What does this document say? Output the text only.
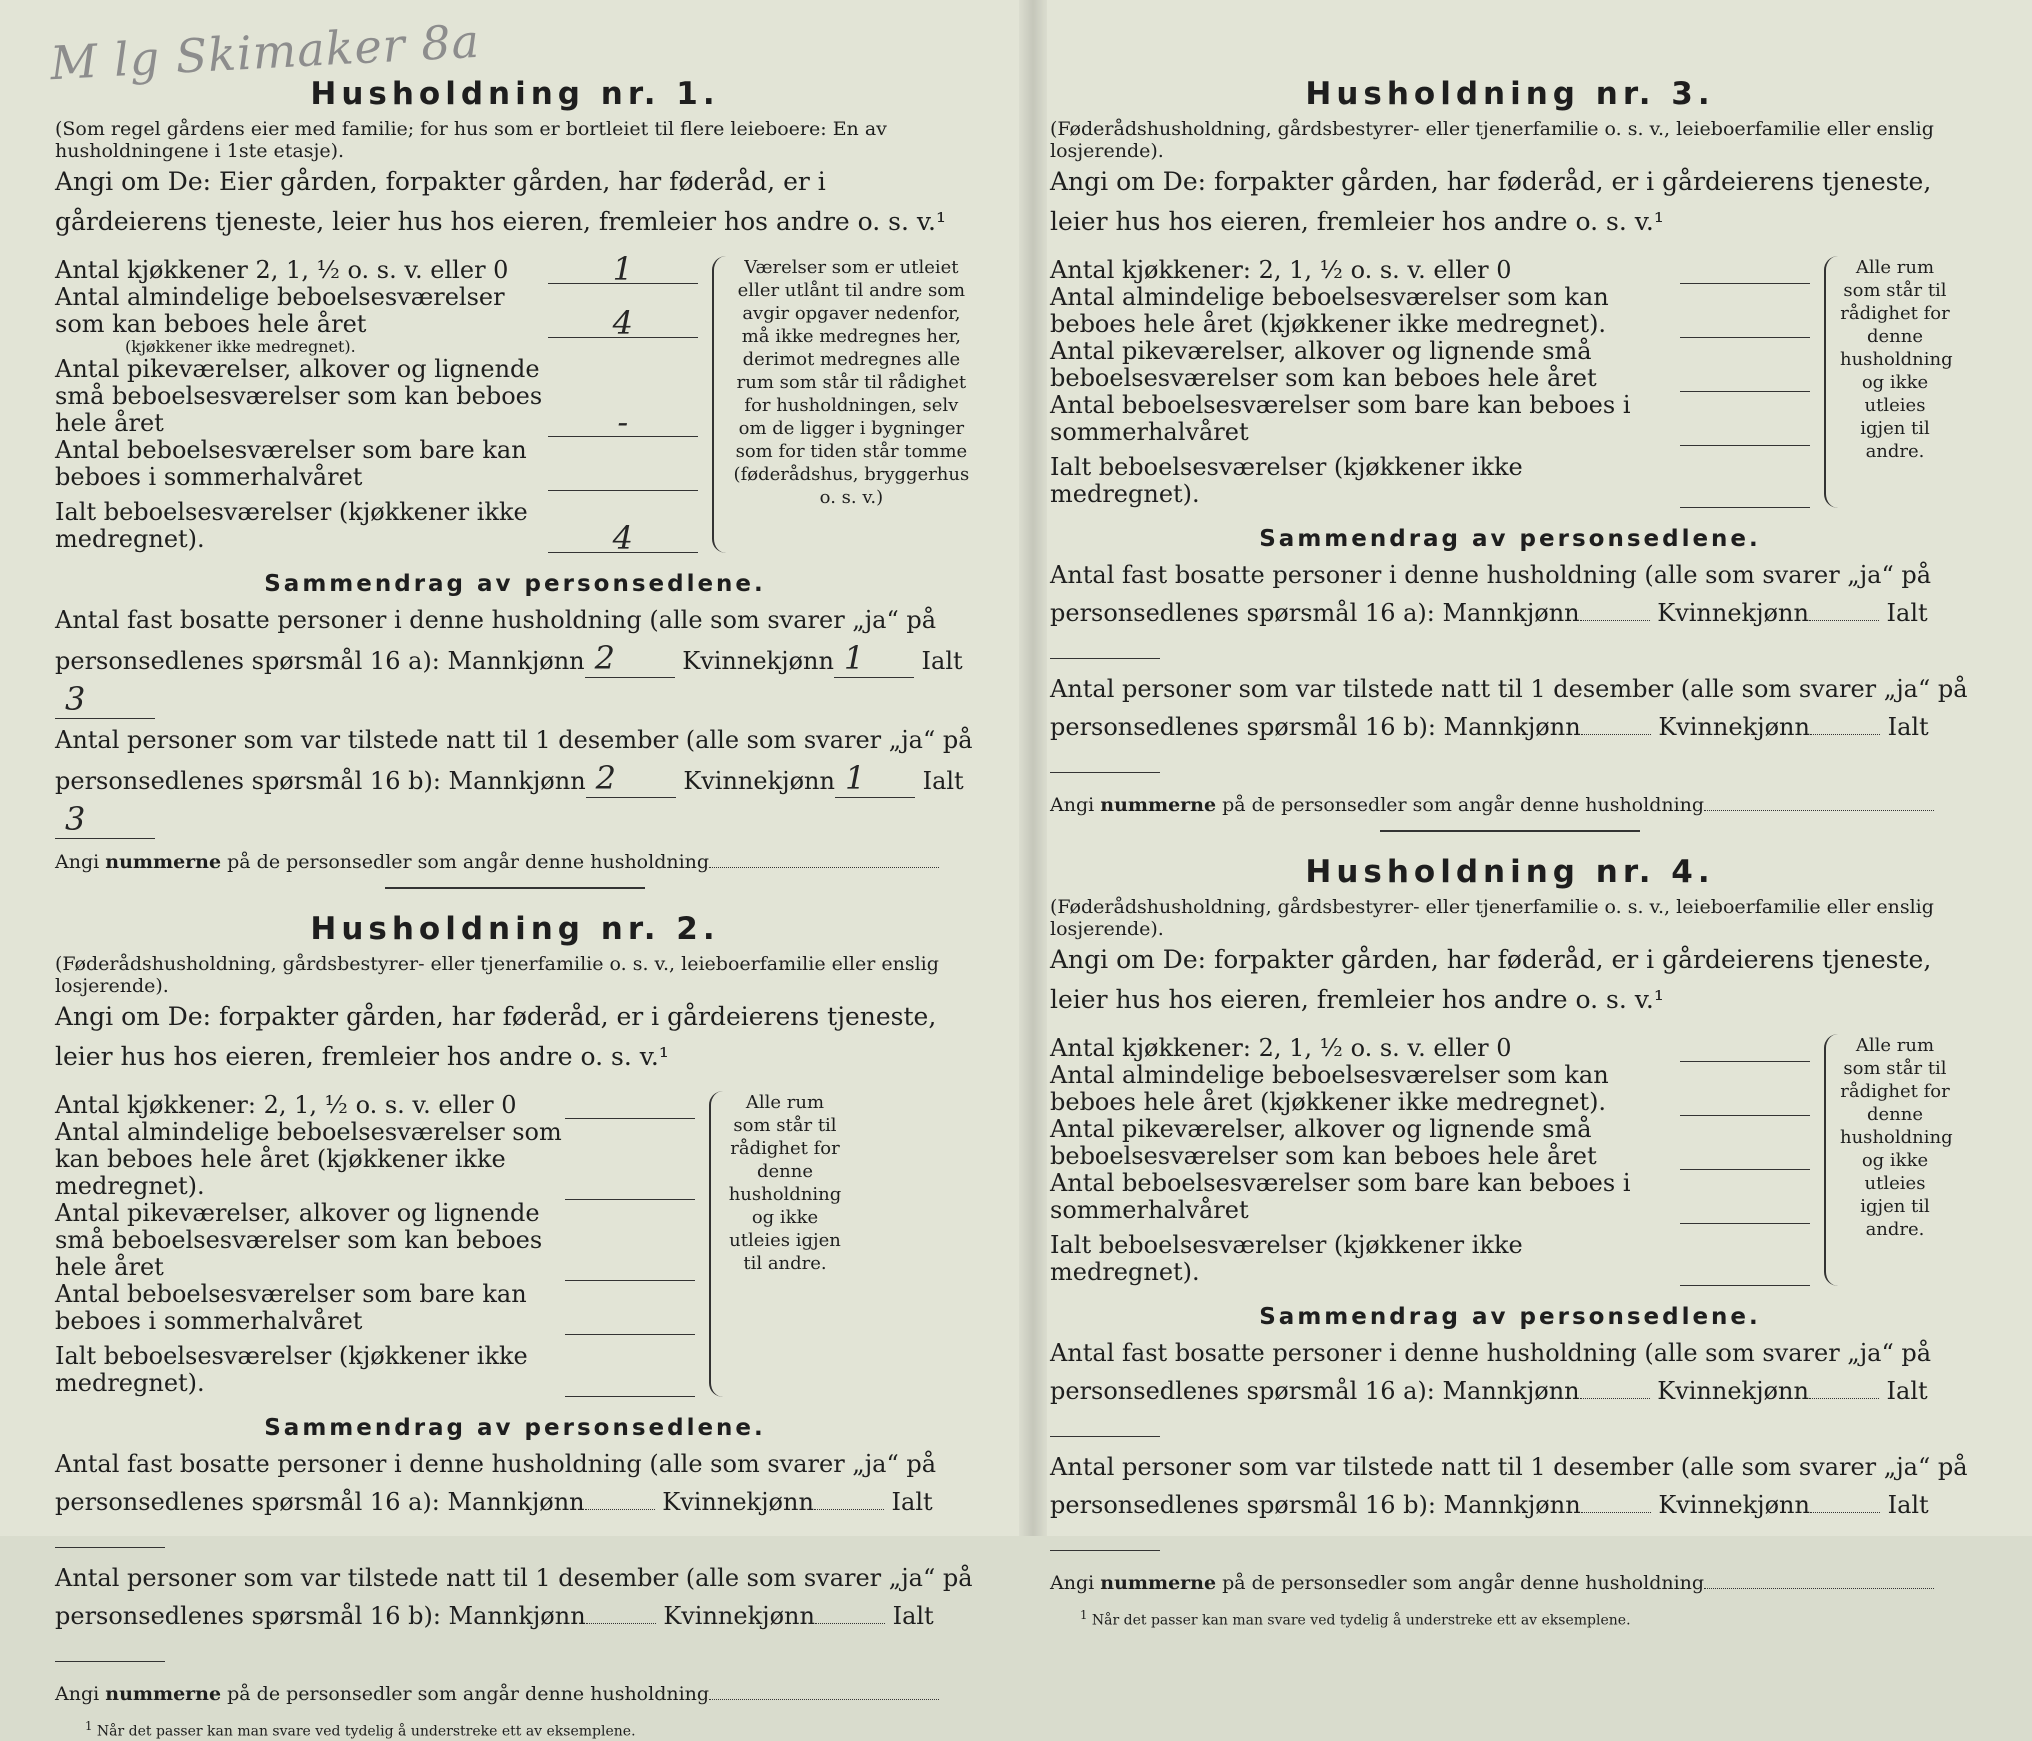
M lg Skimaker 8a
Husholdning nr. 1.

(Som regel gårdens eier med familie; for hus som er bortleiet til flere leieboere: En av husholdningene i 1ste etasje).

Angi om De: Eier gården, forpakter gården, har føderåd, er i gårdeierens tjeneste, leier hus hos eieren, fremleier hos andre o. s. v.¹

Antal kjøkkener 2, 1, ½ o. s. v. eller 0	1
Antal almindelige beboelsesværelser som kan beboes hele året	4
(kjøkkener ikke medregnet).
Antal pikeværelser, alkover og lignende små beboelsesværelser som kan beboes hele året	-
Antal beboelsesværelser som bare kan beboes i sommerhalvåret
Ialt beboelsesværelser (kjøkkener ikke medregnet).	4
Værelser som er utleiet eller utlånt til andre som avgir opgaver nedenfor, må ikke medregnes her, derimot medregnes alle rum som står til rådighet for husholdningen, selv om de ligger i bygninger som for tiden står tomme (føderådshus, bryggerhus o. s. v.)
Sammendrag av personsedlene.

Antal fast bosatte personer i denne husholdning (alle som svarer „ja“ på personsedlenes spørsmål 16 a): Mannkjønn 2	Kvinnekjønn 1 Ialt3

Antal personer som var tilstede natt til 1 desember (alle som svarer „ja“ på personsedlenes spørsmål 16 b): Mannkjønn 2	Kvinnekjønn 1 Ialt3

Angi nummerne på de personsedler som angår denne husholdning

Husholdning nr. 2.

(Føderådshusholdning, gårdsbestyrer- eller tjenerfamilie o. s. v., leieboerfamilie eller enslig losjerende).

Angi om De: forpakter gården, har føderåd, er i gårdeierens tjeneste, leier hus hos eieren, fremleier hos andre o. s. v.¹

Antal kjøkkener: 2, 1, ½ o. s. v. eller 0
Antal almindelige beboelsesværelser som kan beboes hele året (kjøkkener ikke medregnet).
Antal pikeværelser, alkover og lignende små beboelsesværelser som kan beboes hele året
Antal beboelsesværelser som bare kan beboes i sommerhalvåret
Ialt beboelsesværelser (kjøkkener ikke medregnet).
Alle rum som står til rådighet for denne husholdning og ikke utleies igjen til andre.
Sammendrag av personsedlene.

Antal fast bosatte personer i denne husholdning (alle som svarer „ja“ på personsedlenes spørsmål 16 a): Mannkjønn	Kvinnekjønn	Ialt

Antal personer som var tilstede natt til 1 desember (alle som svarer „ja“ på personsedlenes spørsmål 16 b): Mannkjønn	Kvinnekjønn	Ialt

Angi nummerne på de personsedler som angår denne husholdning

$^1$ Når det passer kan man svare ved tydelig å understreke ett av eksemplene.
Husholdning nr. 3.

(Føderådshusholdning, gårdsbestyrer- eller tjenerfamilie o. s. v., leieboerfamilie eller enslig losjerende).

Angi om De: forpakter gården, har føderåd, er i gårdeierens tjeneste, leier hus hos eieren, fremleier hos andre o. s. v.¹

Antal kjøkkener: 2, 1, ½ o. s. v. eller 0
Antal almindelige beboelsesværelser som kan beboes hele året (kjøkkener ikke medregnet).
Antal pikeværelser, alkover og lignende små beboelsesværelser som kan beboes hele året
Antal beboelsesværelser som bare kan beboes i sommerhalvåret
Ialt beboelsesværelser (kjøkkener ikke medregnet).
Alle rum som står til rådighet for denne husholdning og ikke utleies igjen til andre.
Sammendrag av personsedlene.

Antal fast bosatte personer i denne husholdning (alle som svarer „ja“ på personsedlenes spørsmål 16 a): Mannkjønn	Kvinnekjønn	Ialt

Antal personer som var tilstede natt til 1 desember (alle som svarer „ja“ på personsedlenes spørsmål 16 b): Mannkjønn	Kvinnekjønn	Ialt

Angi nummerne på de personsedler som angår denne husholdning

Husholdning nr. 4.

(Føderådshusholdning, gårdsbestyrer- eller tjenerfamilie o. s. v., leieboerfamilie eller enslig losjerende).

Angi om De: forpakter gården, har føderåd, er i gårdeierens tjeneste, leier hus hos eieren, fremleier hos andre o. s. v.¹

Antal kjøkkener: 2, 1, ½ o. s. v. eller 0
Antal almindelige beboelsesværelser som kan beboes hele året (kjøkkener ikke medregnet).
Antal pikeværelser, alkover og lignende små beboelsesværelser som kan beboes hele året
Antal beboelsesværelser som bare kan beboes i sommerhalvåret
Ialt beboelsesværelser (kjøkkener ikke medregnet).
Alle rum som står til rådighet for denne husholdning og ikke utleies igjen til andre.
Sammendrag av personsedlene.

Antal fast bosatte personer i denne husholdning (alle som svarer „ja“ på personsedlenes spørsmål 16 a): Mannkjønn	Kvinnekjønn	Ialt

Antal personer som var tilstede natt til 1 desember (alle som svarer „ja“ på personsedlenes spørsmål 16 b): Mannkjønn	Kvinnekjønn	Ialt

Angi nummerne på de personsedler som angår denne husholdning

$^1$ Når det passer kan man svare ved tydelig å understreke ett av eksemplene.
